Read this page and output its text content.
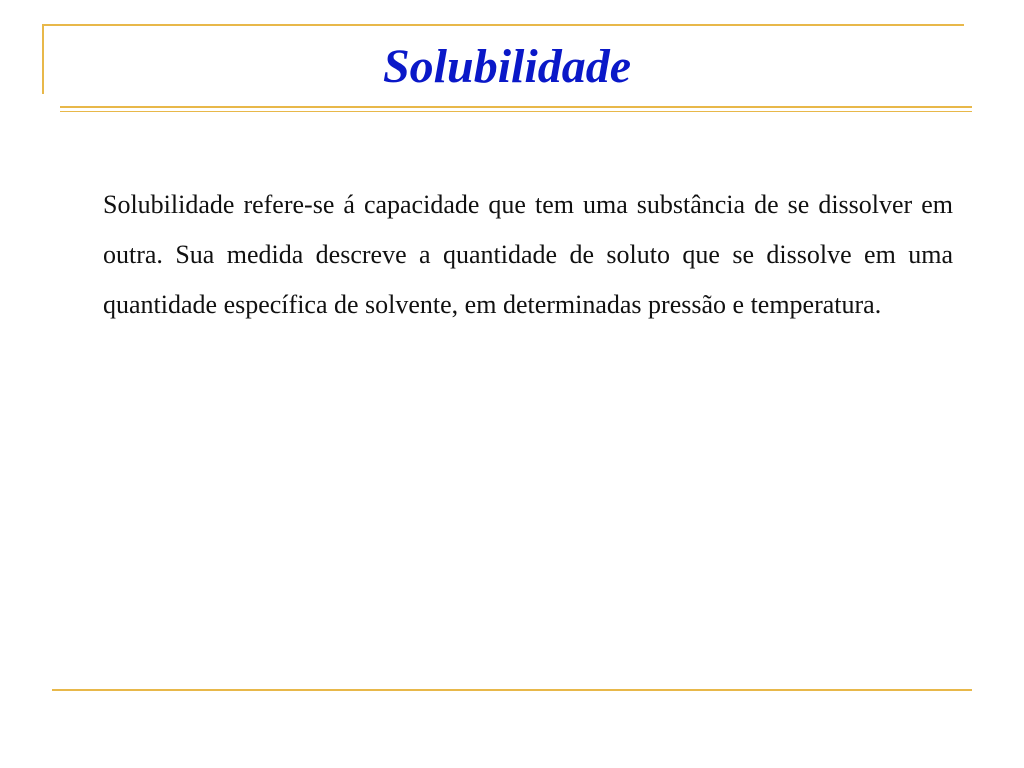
Solubilidade
Solubilidade refere-se á capacidade que tem uma substância de se dissolver em outra. Sua medida descreve a quantidade de soluto que se dissolve em uma quantidade específica de solvente, em determinadas pressão e temperatura.
